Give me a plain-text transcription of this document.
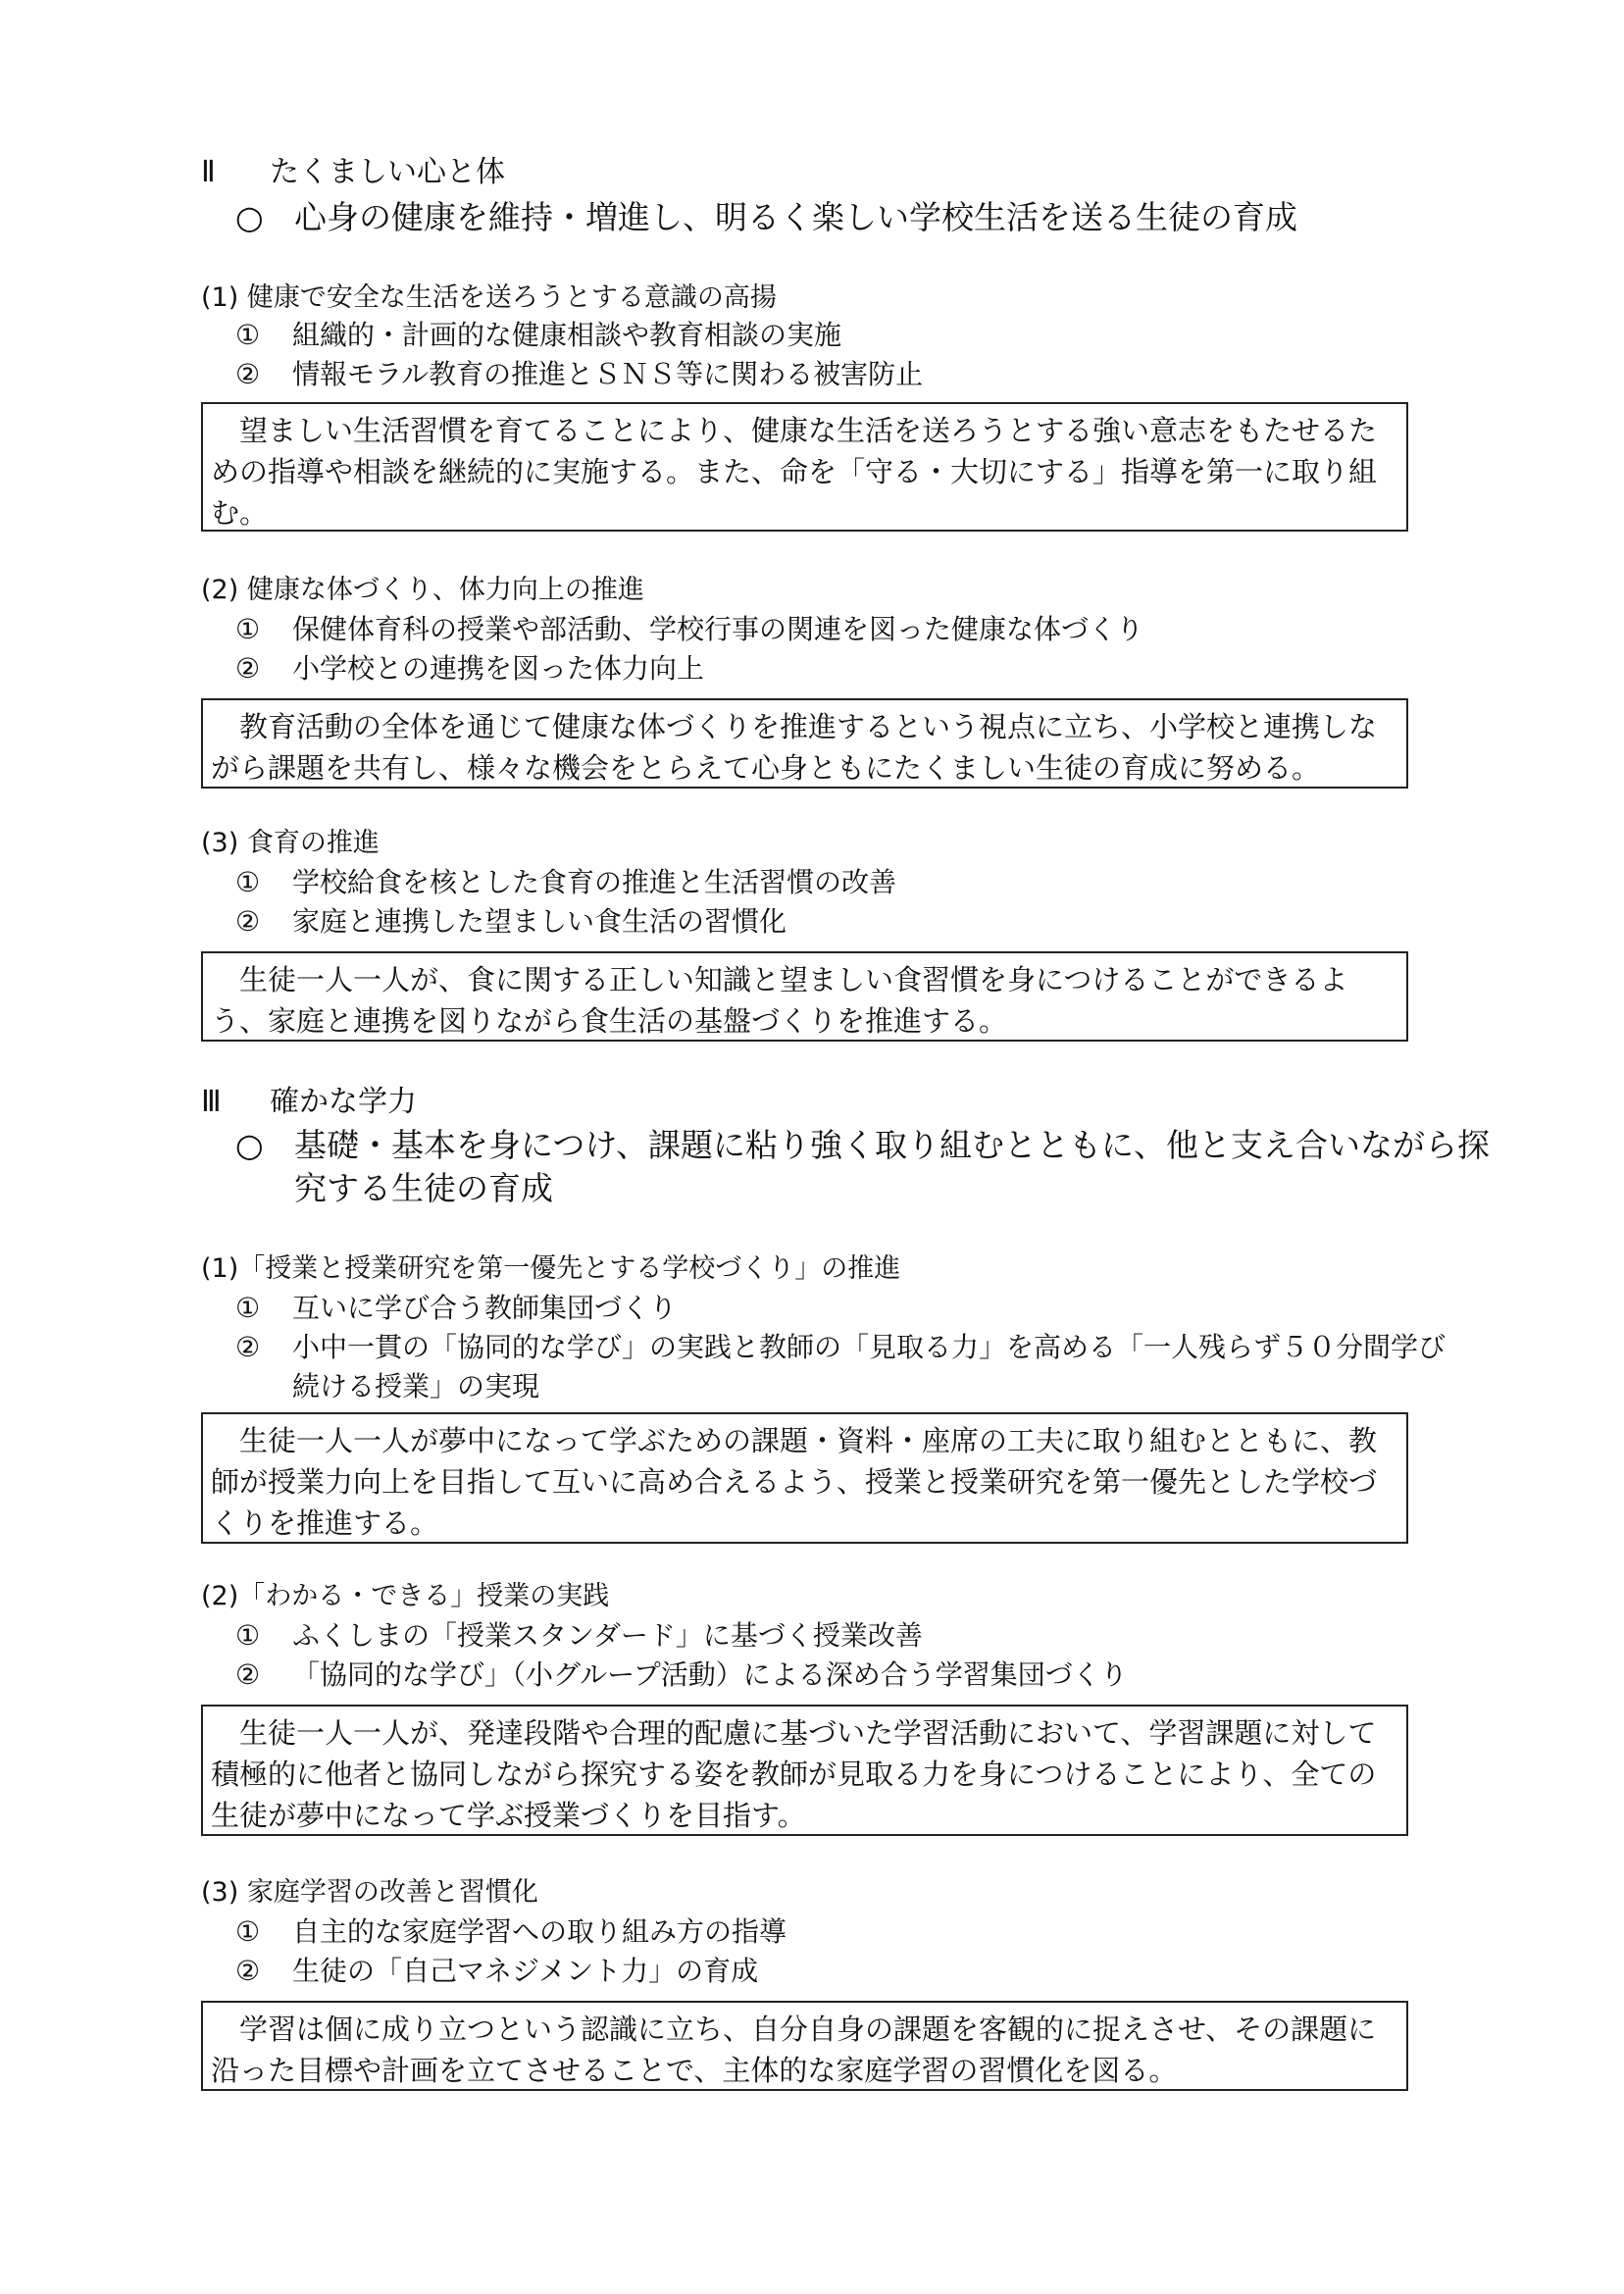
Ⅱ たくましい心と体
○ 心身の健康を維持・増進し、明るく楽しい学校生活を送る生徒の育成
(1) 健康で安全な生活を送ろうとする意識の高揚
① 組織的・計画的な健康相談や教育相談の実施
② 情報モラル教育の推進とＳＮＳ等に関わる被害防止
望ましい生活習慣を育てることにより、健康な生活を送ろうとする強い意志をもたせるための指導や相談を継続的に実施する。また、命を「守る・大切にする」指導を第一に取り組む。
(2) 健康な体づくり、体力向上の推進
① 保健体育科の授業や部活動、学校行事の関連を図った健康な体づくり
② 小学校との連携を図った体力向上
教育活動の全体を通じて健康な体づくりを推進するという視点に立ち、小学校と連携しながら課題を共有し、様々な機会をとらえて心身ともにたくましい生徒の育成に努める。
(3) 食育の推進
① 学校給食を核とした食育の推進と生活習慣の改善
② 家庭と連携した望ましい食生活の習慣化
生徒一人一人が、食に関する正しい知識と望ましい食習慣を身につけることができるよう、家庭と連携を図りながら食生活の基盤づくりを推進する。
Ⅲ 確かな学力
○ 基礎・基本を身につけ、課題に粘り強く取り組むとともに、他と支え合いながら探究する生徒の育成
(1)「授業と授業研究を第一優先とする学校づくり」の推進
① 互いに学び合う教師集団づくり
② 小中一貫の「協同的な学び」の実践と教師の「見取る力」を高める「一人残らず５０分間学び続ける授業」の実現
生徒一人一人が夢中になって学ぶための課題・資料・座席の工夫に取り組むとともに、教師が授業力向上を目指して互いに高め合えるよう、授業と授業研究を第一優先とした学校づくりを推進する。
(2)「わかる・できる」授業の実践
① ふくしまの「授業スタンダード」に基づく授業改善
② 「協同的な学び」（小グループ活動）による深め合う学習集団づくり
生徒一人一人が、発達段階や合理的配慮に基づいた学習活動において、学習課題に対して積極的に他者と協同しながら探究する姿を教師が見取る力を身につけることにより、全ての生徒が夢中になって学ぶ授業づくりを目指す。
(3) 家庭学習の改善と習慣化
① 自主的な家庭学習への取り組み方の指導
② 生徒の「自己マネジメント力」の育成
学習は個に成り立つという認識に立ち、自分自身の課題を客観的に捉えさせ、その課題に沿った目標や計画を立てさせることで、主体的な家庭学習の習慣化を図る。
